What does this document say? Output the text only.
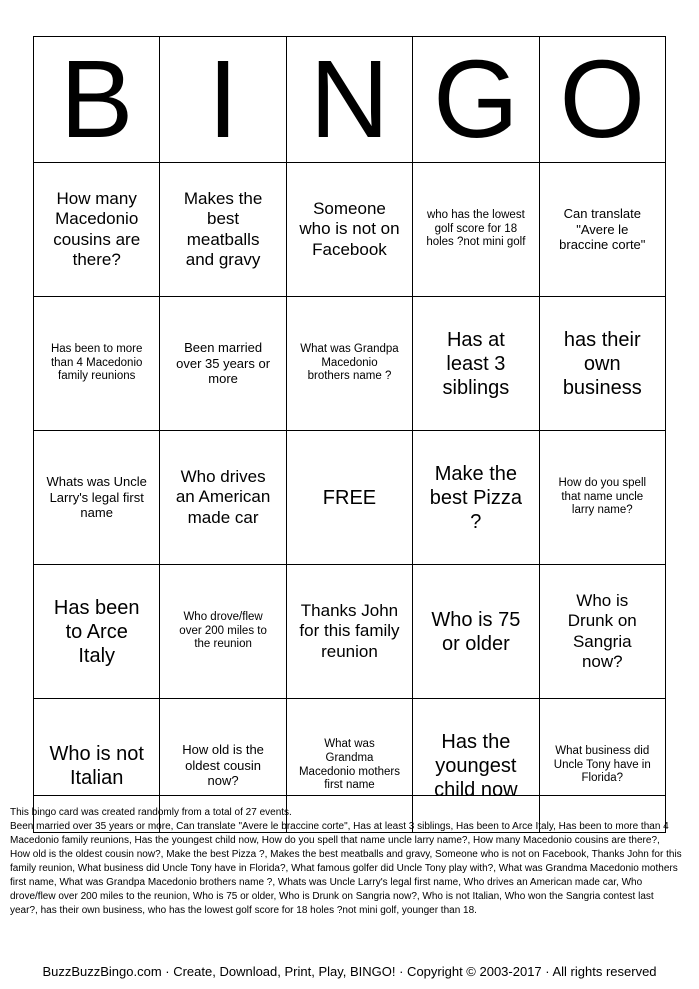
B	I	N	G	O
How many Macedonio cousins are there?	Makes the best meatballs and gravy	Someone who is not on Facebook	who has the lowest golf score for 18 holes ?not mini golf	Can translate "Avere le braccine corte"
Has been to more than 4 Macedonio family reunions	Been married over 35 years or more	What was Grandpa Macedonio brothers name ?	Has at least 3 siblings	has their own business
Whats was Uncle Larry's legal first name	Who drives an American made car	FREE	Make the best Pizza ?	How do you spell that name uncle larry name?
Has been to Arce Italy	Who drove/flew over 200 miles to the reunion	Thanks John for this family reunion	Who is 75 or older	Who is Drunk on Sangria now?
Who is not Italian	How old is the oldest cousin now?	What was Grandma Macedonio mothers first name	Has the youngest child now	What business did Uncle Tony have in Florida?
This bingo card was created randomly from a total of 27 events.
Been married over 35 years or more, Can translate "Avere le braccine corte", Has at least 3 siblings, Has been to Arce Italy, Has been to more than 4 Macedonio family reunions, Has the youngest child now, How do you spell that name uncle larry name?, How many Macedonio cousins are there?, How old is the oldest cousin now?, Make the best Pizza ?, Makes the best meatballs and gravy, Someone who is not on Facebook, Thanks John for this family reunion, What business did Uncle Tony have in Florida?, What famous golfer did Uncle Tony play with?, What was Grandma Macedonio mothers first name, What was Grandpa Macedonio brothers name ?, Whats was Uncle Larry's legal first name, Who drives an American made car, Who drove/flew over 200 miles to the reunion, Who is 75 or older, Who is Drunk on Sangria now?, Who is not Italian, Who won the Sangria contest last year?, has their own business, who has the lowest golf score for 18 holes ?not mini golf, younger than 18.
BuzzBuzzBingo.com · Create, Download, Print, Play, BINGO! · Copyright © 2003-2017 · All rights reserved
